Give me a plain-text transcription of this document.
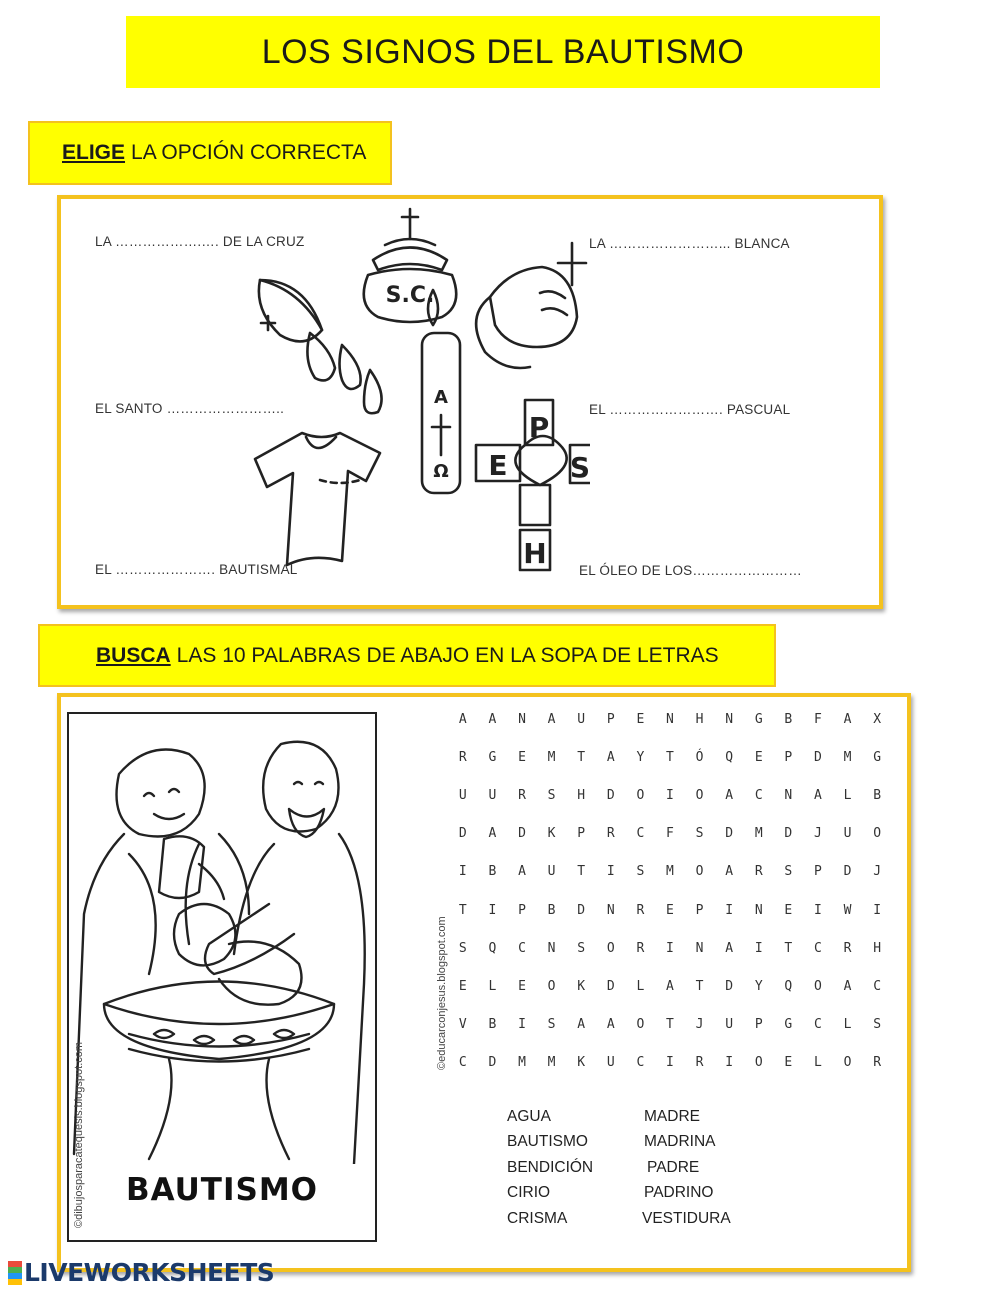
LOS SIGNOS DEL BAUTISMO
ELIGE LA OPCIÓN CORRECTA
LA ……………….…. DE LA CRUZ	LA ……………………... BLANCA
EL SANTO ……………………..	EL ……………………. PASCUAL
EL …………………. BAUTISMAL	EL ÓLEO DE LOS……………………
S.C.
A
Ω
P
E S
H
BUSCA LAS 10 PALABRAS DE ABAJO EN LA SOPA DE LETRAS
BAUTISMO
©dibujosparacatequesis.blogspot.com
©educarconjesus.blogspot.com
A	A	N	A	U	P	E	N	H	N	G	B	F	A	X
R	G	E	M	T	A	Y	T	Ó	Q	E	P	D	M	G
U	U	R	S	H	D	O	I	O	A	C	N	A	L	B
D	A	D	K	P	R	C	F	S	D	M	D	J	U	O
I	B	A	U	T	I	S	M	O	A	R	S	P	D	J
T	I	P	B	D	N	R	E	P	I	N	E	I	W	I
S	Q	C	N	S	O	R	I	N	A	I	T	C	R	H
E	L	E	O	K	D	L	A	T	D	Y	Q	O	A	C
V	B	I	S	A	A	O	T	J	U	P	G	C	L	S
C	D	M	M	K	U	C	I	R	I	O	E	L	O	R
AGUA
BAUTISMO
BENDICIÓN
CIRIO
CRISMA
MADRE
MADRINA
PADRE
PADRINO
VESTIDURA
LIVEWORKSHEETS
